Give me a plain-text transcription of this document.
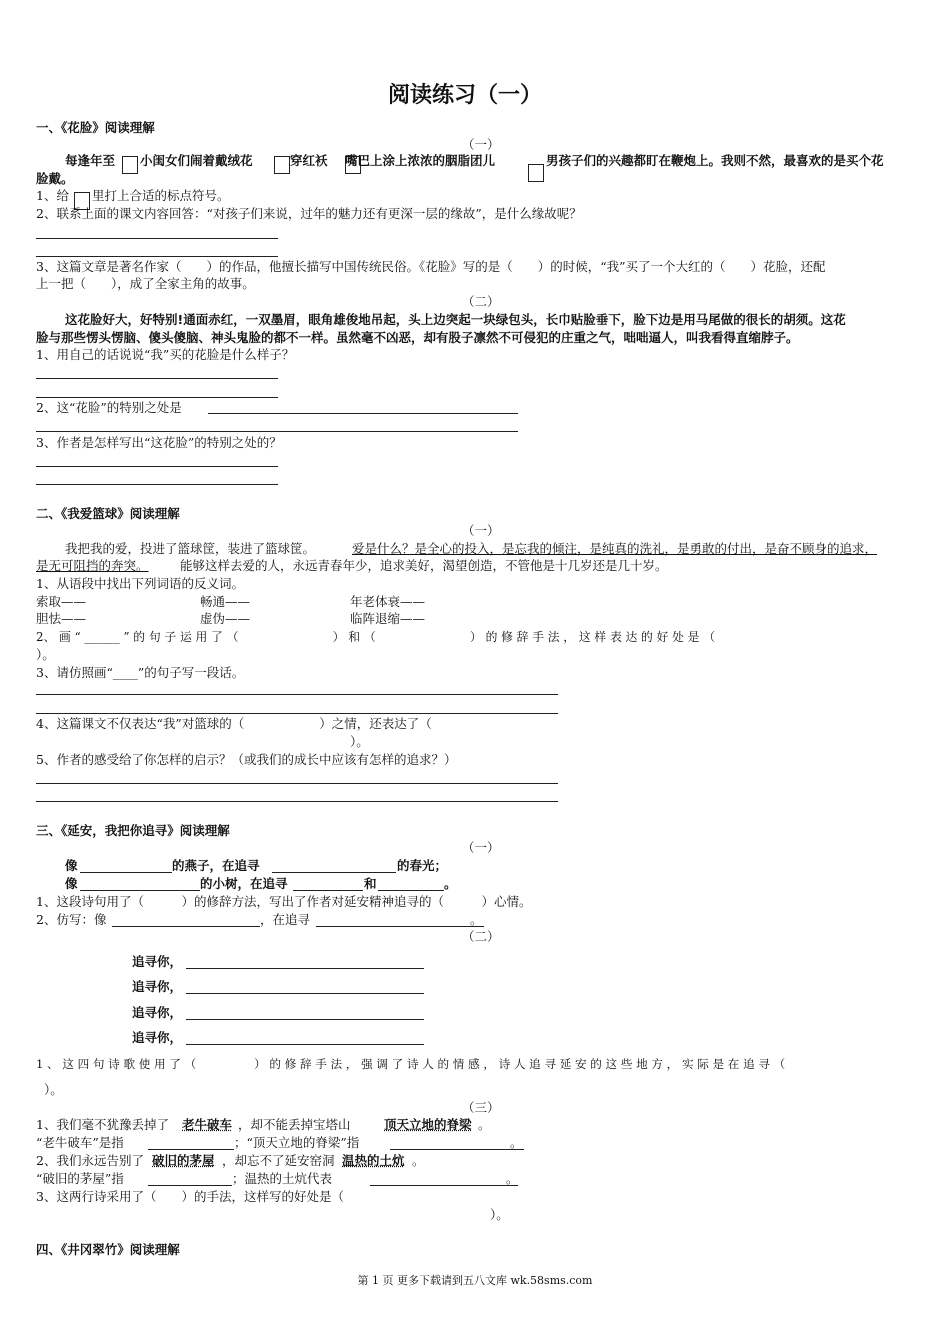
阅读练习（一）
一、《花脸》阅读理解
（一）
每逢年至 小闺女们闹着戴绒花	穿红袄 嘴巴上涂上浓浓的胭脂团儿	男孩子们的兴趣都盯在鞭炮上。我则不然，最喜欢的是买个花
脸戴。
1、给 里打上合适的标点符号。
2、联系上面的课文内容回答：“对孩子们来说，过年的魅力还有更深一层的缘故”，是什么缘故呢？
3、这篇文章是著名作家（　　）的作品，他擅长描写中国传统民俗。《花脸》写的是（　　）的时候，“我”买了一个大红的（　　）花脸，还配
上一把（　　），成了全家主角的故事。
（二）
这花脸好大，好特别!通面赤红，一双墨眉，眼角雄俊地吊起，头上边突起一块绿包头，长巾贴脸垂下，脸下边是用马尾做的很长的胡须。这花
脸与那些愣头愣脑、傻头傻脑、神头鬼脸的都不一样。虽然毫不凶恶，却有股子凛然不可侵犯的庄重之气，咄咄逼人，叫我看得直缩脖子。
1、用自己的话说说“我”买的花脸是什么样子？
2、这“花脸”的特别之处是
3、作者是怎样写出“这花脸”的特别之处的？
二、《我爱篮球》阅读理解
（一）
我把我的爱，投进了篮球筐，装进了篮球筐。	爱是什么？是全心的投入，是忘我的倾注，是纯真的洗礼，是勇敢的付出，是奋不顾身的追求，
是无可阻挡的奔突。	能够这样去爱的人，永远青春年少，追求美好，渴望创造，不管他是十几岁还是几十岁。
1、从语段中找出下列词语的反义词。
索取——	畅通——	年老体衰——
胆怯——	虚伪——	临阵退缩——
2、 画 “ ______ ” 的 句 子 运 用 了 （　　　　　　　　） 和 （　　　　　　　　） 的 修 辞 手 法 ， 这 样 表 达 的 好 处 是 （
）。
3、请仿照画“____”的句子写一段话。
4、这篇课文不仅表达“我”对篮球的（　　　　　　）之情，还表达了（
）。
5、作者的感受给了你怎样的启示？（或我们的成长中应该有怎样的追求？）
三、《延安，我把你追寻》阅读理解
（一）
像	的燕子，在追寻	的春光；
像	的小树，在追寻	和	。
1、这段诗句用了（　　　）的修辞方法，写出了作者对延安精神追寻的（　　　）心情。
2、仿写：像	，在追寻	。
（二）
追寻你，
追寻你，
追寻你，
追寻你，
1 、 这 四 句 诗 歌 使 用 了 （　　　　　） 的 修 辞 手 法 ， 强 调 了 诗 人 的 情 感 ， 诗 人 追 寻 延 安 的 这 些 地 方 ， 实 际 是 在 追 寻 （
）。
（三）
1、我们毫不犹豫丢掉了 老牛破车 ，却不能丢掉宝塔山	顶天立地的脊梁 。
“老牛破车”是指	；“顶天立地的脊梁”指	。
2、我们永远告别了 破旧的茅屋 ，却忘不了延安窑洞 温热的土炕 。
“破旧的茅屋”指	；温热的土炕代表	。
3、这两行诗采用了（　　）的手法，这样写的好处是（
）。
四、《井冈翠竹》阅读理解
第 1 页 更多下载请到五八文库 wk.58sms.com
